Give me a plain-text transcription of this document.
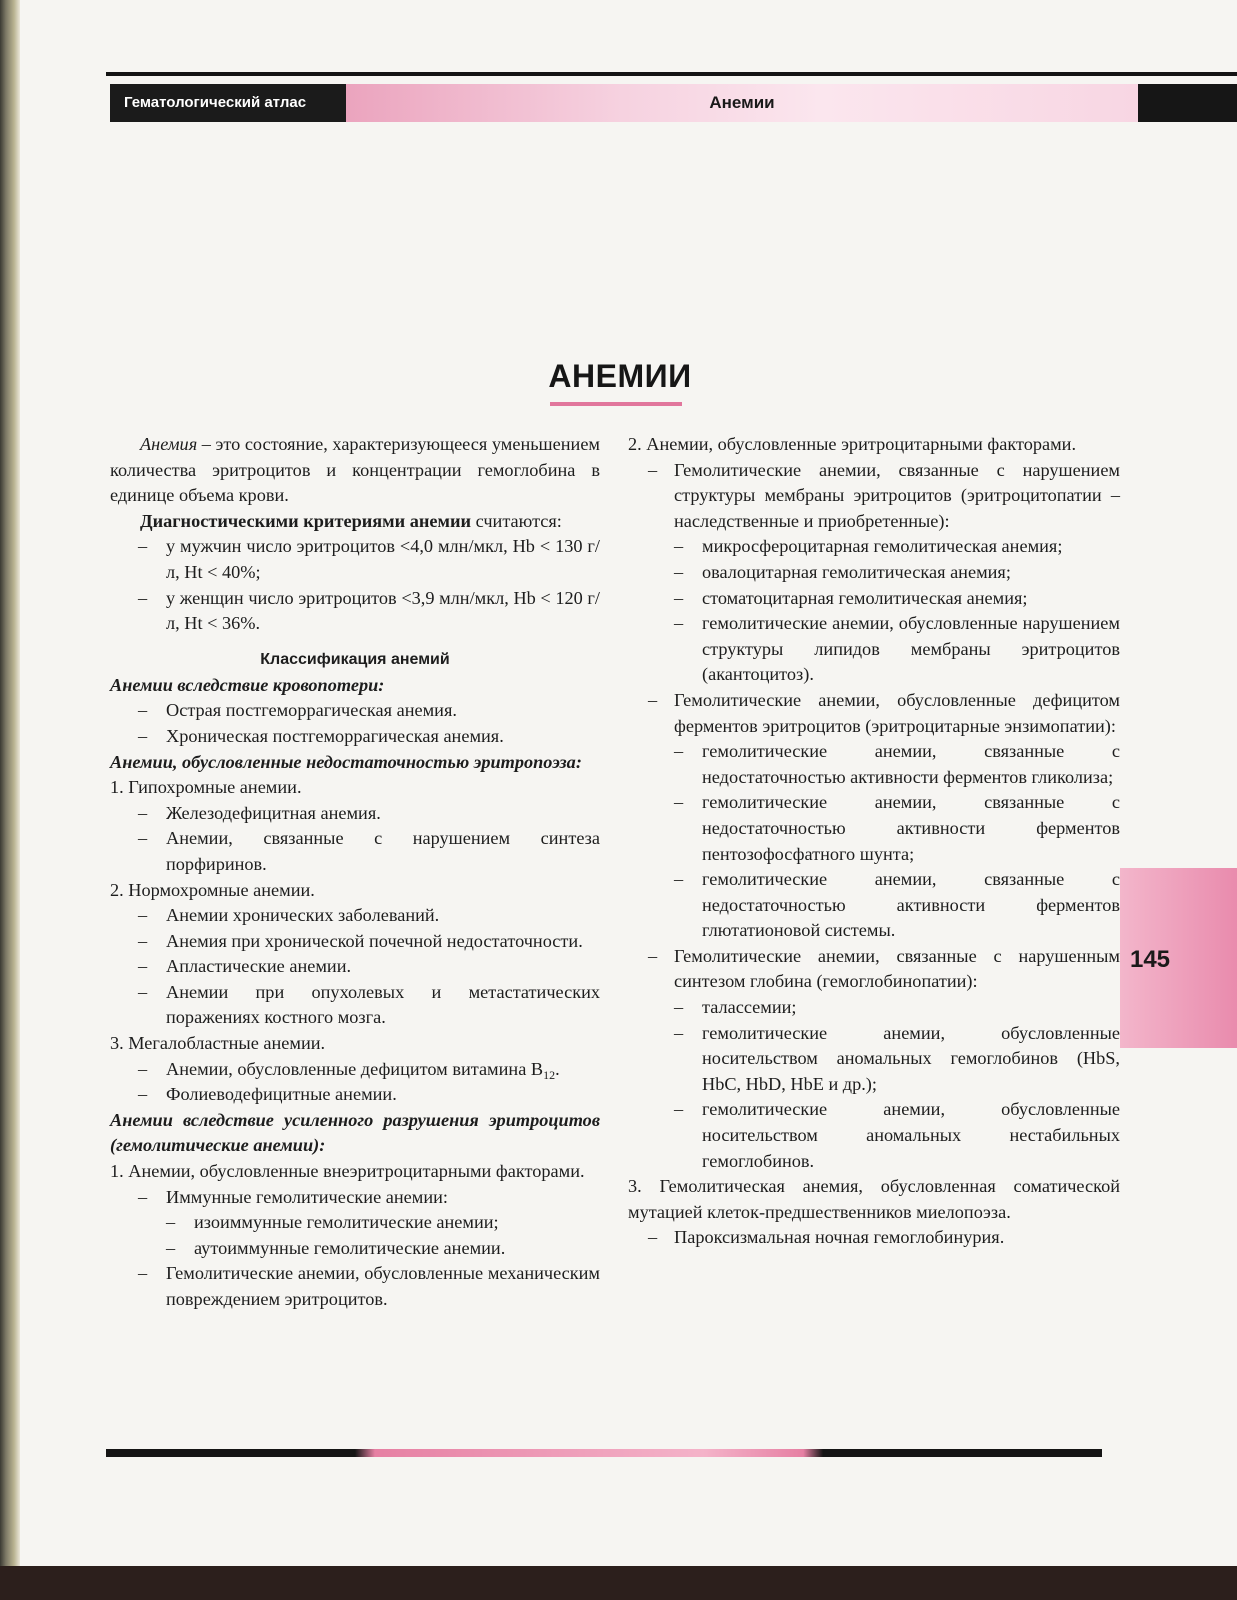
Гематологический атлас	Анемии
АНЕМИИ

Анемия – это состояние, характеризующееся уменьшением количества эритроцитов и концентрации гемоглобина в единице объема крови.

Диагностическими критериями анемии считаются:

– у мужчин число эритроцитов <4,0 млн/мкл, Hb < 130 г/л, Ht < 40%;

– у женщин число эритроцитов <3,9 млн/мкл, Hb < 120 г/л, Ht < 36%.

Классификация анемий

Анемии вследствие кровопотери:

– Острая постгеморрагическая анемия.

– Хроническая постгеморрагическая анемия.

Анемии, обусловленные недостаточностью эритропоэза:

1. Гипохромные анемии.

– Железодефицитная анемия.

– Анемии, связанные с нарушением синтеза порфиринов.

2. Нормохромные анемии.

– Анемии хронических заболеваний.

– Анемия при хронической почечной недостаточности.

– Апластические анемии.

– Анемии при опухолевых и метастатических поражениях костного мозга.

3. Мегалобластные анемии.

– Анемии, обусловленные дефицитом витамина $B_{12}$.

– Фолиеводефицитные анемии.

Анемии вследствие усиленного разрушения эритроцитов (гемолитические анемии):

1. Анемии, обусловленные внеэритроцитарными факторами.

– Иммунные гемолитические анемии:

– изоиммунные гемолитические анемии;

– аутоиммунные гемолитические анемии.

– Гемолитические анемии, обусловленные механическим повреждением эритроцитов.

2. Анемии, обусловленные эритроцитарными факторами.

– Гемолитические анемии, связанные с нарушением структуры мембраны эритроцитов (эритроцитопатии – наследственные и приобретенные):

– микросфероцитарная гемолитическая анемия;

– овалоцитарная гемолитическая анемия;

– стоматоцитарная гемолитическая анемия;

– гемолитические анемии, обусловленные нарушением структуры липидов мембраны эритроцитов (акантоцитоз).

– Гемолитические анемии, обусловленные дефицитом ферментов эритроцитов (эритроцитарные энзимопатии):

– гемолитические анемии, связанные с недостаточностью активности ферментов гликолиза;

– гемолитические анемии, связанные с недостаточностью активности ферментов пентозофосфатного шунта;

– гемолитические анемии, связанные с недостаточностью активности ферментов глютатионовой системы.

– Гемолитические анемии, связанные с нарушенным синтезом глобина (гемоглобинопатии):

– талассемии;

– гемолитические анемии, обусловленные носительством аномальных гемоглобинов (HbS, HbC, HbD, HbE и др.);

– гемолитические анемии, обусловленные носительством аномальных нестабильных гемоглобинов.

3. Гемолитическая анемия, обусловленная соматической мутацией клеток-предшественников миелопоэза.

– Пароксизмальная ночная гемоглобинурия.

145
